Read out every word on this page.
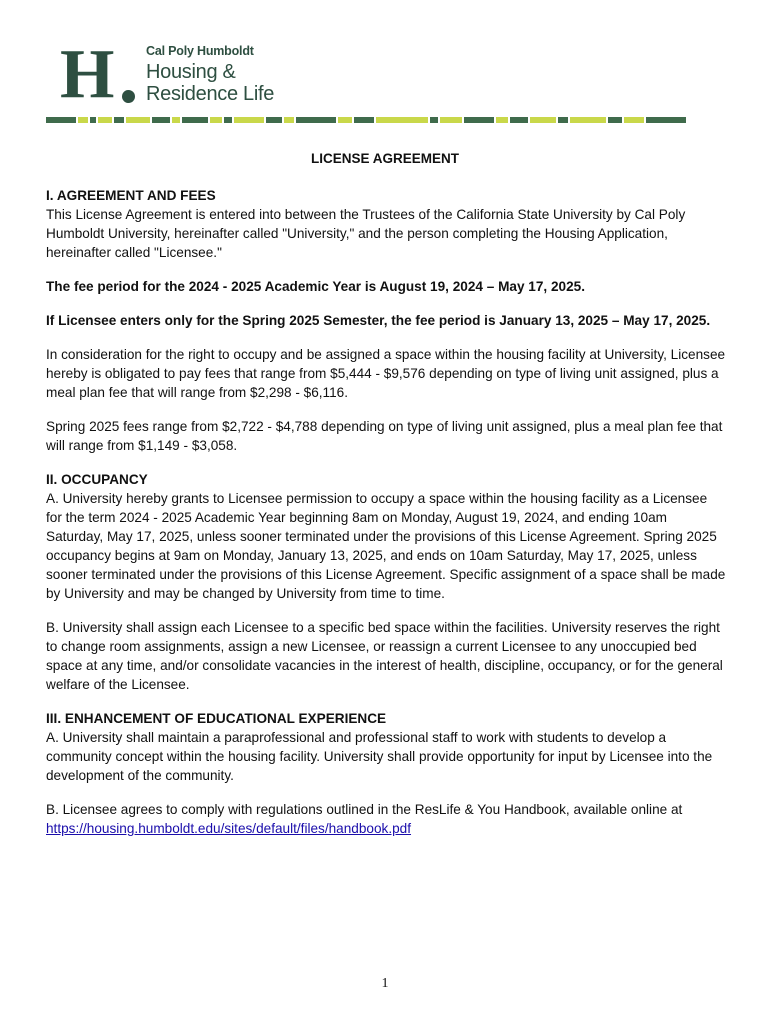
H	Cal Poly Humboldt
Housing &
Residence Life
LICENSE AGREEMENT
I. AGREEMENT AND FEES

This License Agreement is entered into between the Trustees of the California State University by Cal Poly Humboldt University, hereinafter called "University," and the person completing the Housing Application, hereinafter called "Licensee."

The fee period for the 2024 - 2025 Academic Year is August 19, 2024 – May 17, 2025.

If Licensee enters only for the Spring 2025 Semester, the fee period is January 13, 2025 – May 17, 2025.

In consideration for the right to occupy and be assigned a space within the housing facility at University, Licensee hereby is obligated to pay fees that range from $5,444 - $9,576 depending on type of living unit assigned, plus a meal plan fee that will range from $2,298 - $6,116.

Spring 2025 fees range from $2,722 - $4,788 depending on type of living unit assigned, plus a meal plan fee that will range from $1,149 - $3,058.

II. OCCUPANCY

A. University hereby grants to Licensee permission to occupy a space within the housing facility as a Licensee for the term 2024 - 2025 Academic Year beginning 8am on Monday, August 19, 2024, and ending 10am Saturday, May 17, 2025, unless sooner terminated under the provisions of this License Agreement. Spring 2025 occupancy begins at 9am on Monday, January 13, 2025, and ends on 10am Saturday, May 17, 2025, unless sooner terminated under the provisions of this License Agreement. Specific assignment of a space shall be made by University and may be changed by University from time to time.

B. University shall assign each Licensee to a specific bed space within the facilities. University reserves the right to change room assignments, assign a new Licensee, or reassign a current Licensee to any unoccupied bed space at any time, and/or consolidate vacancies in the interest of health, discipline, occupancy, or for the general welfare of the Licensee.

III. ENHANCEMENT OF EDUCATIONAL EXPERIENCE

A. University shall maintain a paraprofessional and professional staff to work with students to develop a community concept within the housing facility. University shall provide opportunity for input by Licensee into the development of the community.

B. Licensee agrees to comply with regulations outlined in the ResLife & You Handbook, available online at https://housing.humboldt.edu/sites/default/files/handbook.pdf

1
